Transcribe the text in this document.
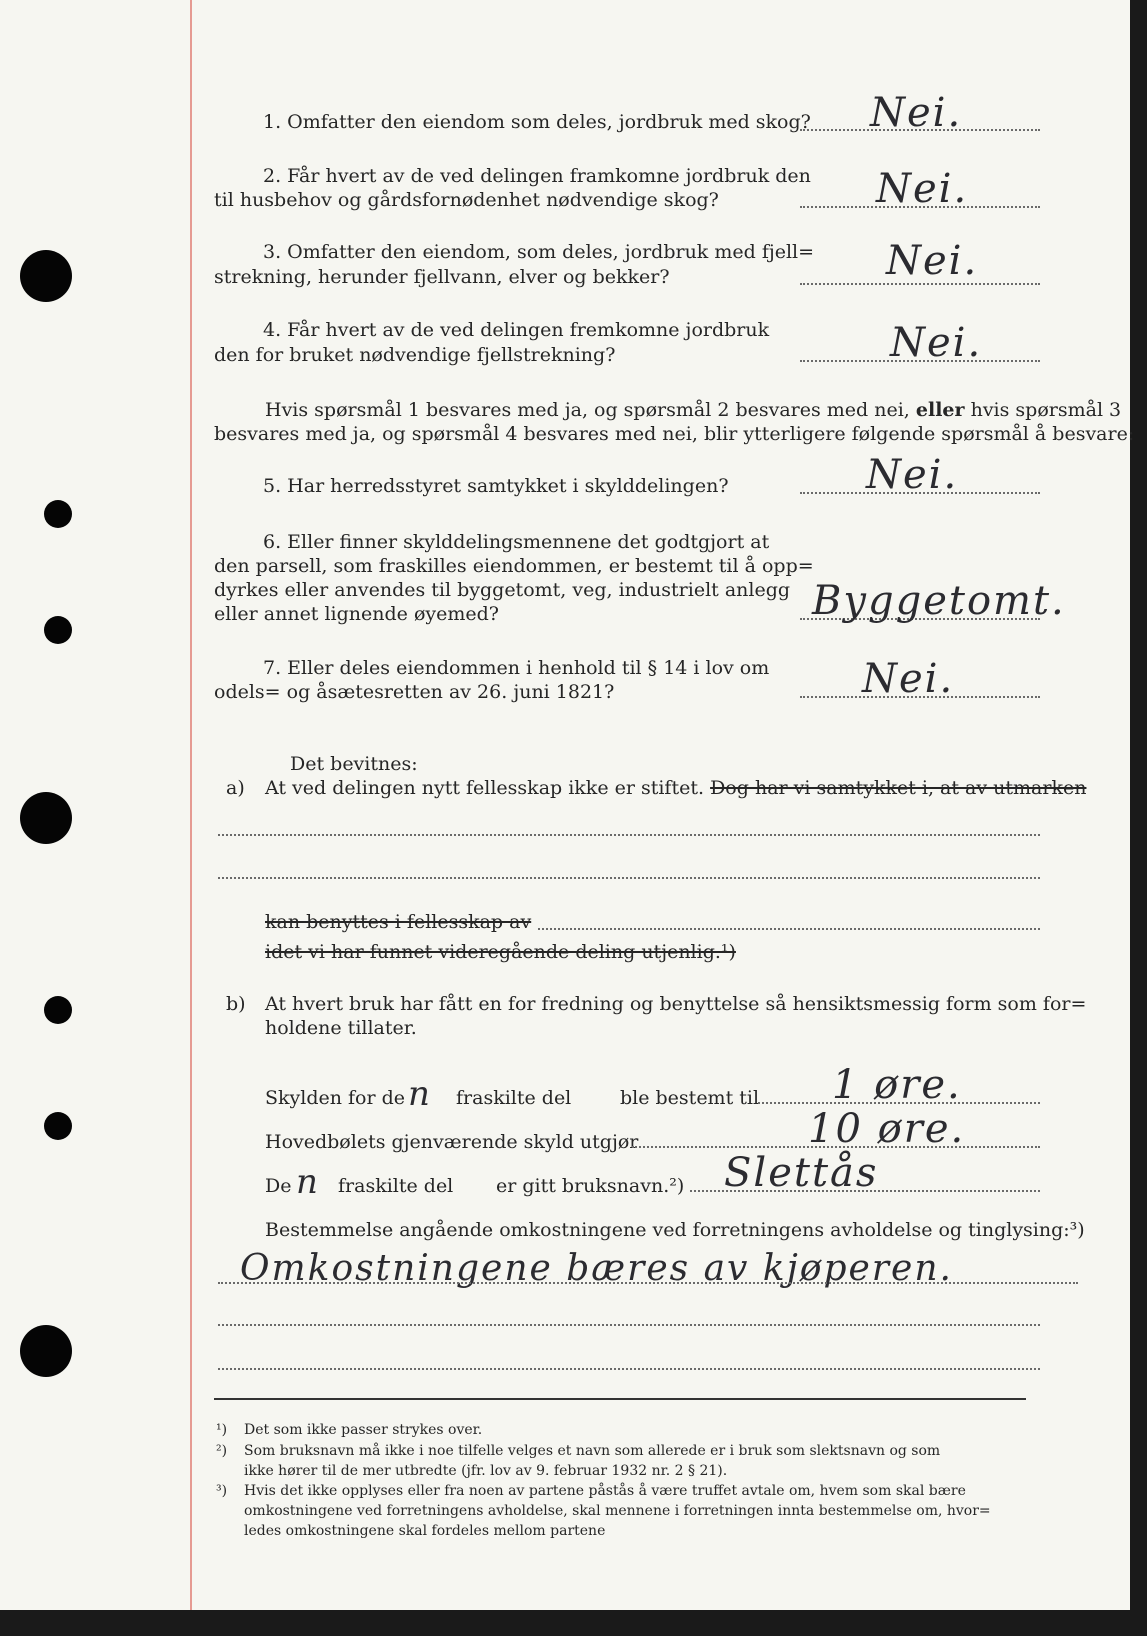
1. Omfatter den eiendom som deles, jordbruk med skog? Nei.
2. Får hvert av de ved delingen framkomne jordbruk den
til husbehov og gårdsfornødenhet nødvendige skog?	Nei.
3. Omfatter den eiendom, som deles, jordbruk med fjell=
strekning, herunder fjellvann, elver og bekker?	Nei.
4. Får hvert av de ved delingen fremkomne jordbruk
den for bruket nødvendige fjellstrekning?	Nei.
Hvis spørsmål 1 besvares med ja, og spørsmål 2 besvares med nei, eller hvis spørsmål 3
besvares med ja, og spørsmål 4 besvares med nei, blir ytterligere følgende spørsmål å besvare:
5. Har herredsstyret samtykket i skylddelingen?	Nei.
6. Eller finner skylddelingsmennene det godtgjort at
den parsell, som fraskilles eiendommen, er bestemt til å opp=
dyrkes eller anvendes til byggetomt, veg, industrielt anlegg
eller annet lignende øyemed?	Byggetomt.
7. Eller deles eiendommen i henhold til § 14 i lov om
odels= og åsætesretten av 26. juni 1821?	Nei.
Det bevitnes:
a) At ved delingen nytt fellesskap ikke er stiftet. Dog har vi samtykket i, at av utmarken
kan benyttes i fellesskap av
idet vi har funnet videregående deling utjenlig.¹)
b) At hvert bruk har fått en for fredning og benyttelse så hensiktsmessig form som for=
holdene tillater.
Skylden for de n fraskilte del	ble bestemt til 1 øre.
Hovedbølets gjenværende skyld utgjør	10 øre.
De n fraskilte del er gitt bruksnavn.²) Slettås
Bestemmelse angående omkostningene ved forretningens avholdelse og tinglysing:³)
Omkostningene bæres av kjøperen.
¹) Det som ikke passer strykes over.
²) Som bruksnavn må ikke i noe tilfelle velges et navn som allerede er i bruk som slektsnavn og som
ikke hører til de mer utbredte (jfr. lov av 9. februar 1932 nr. 2 § 21).
³) Hvis det ikke opplyses eller fra noen av partene påstås å være truffet avtale om, hvem som skal bære
omkostningene ved forretningens avholdelse, skal mennene i forretningen innta bestemmelse om, hvor=
ledes omkostningene skal fordeles mellom partene
